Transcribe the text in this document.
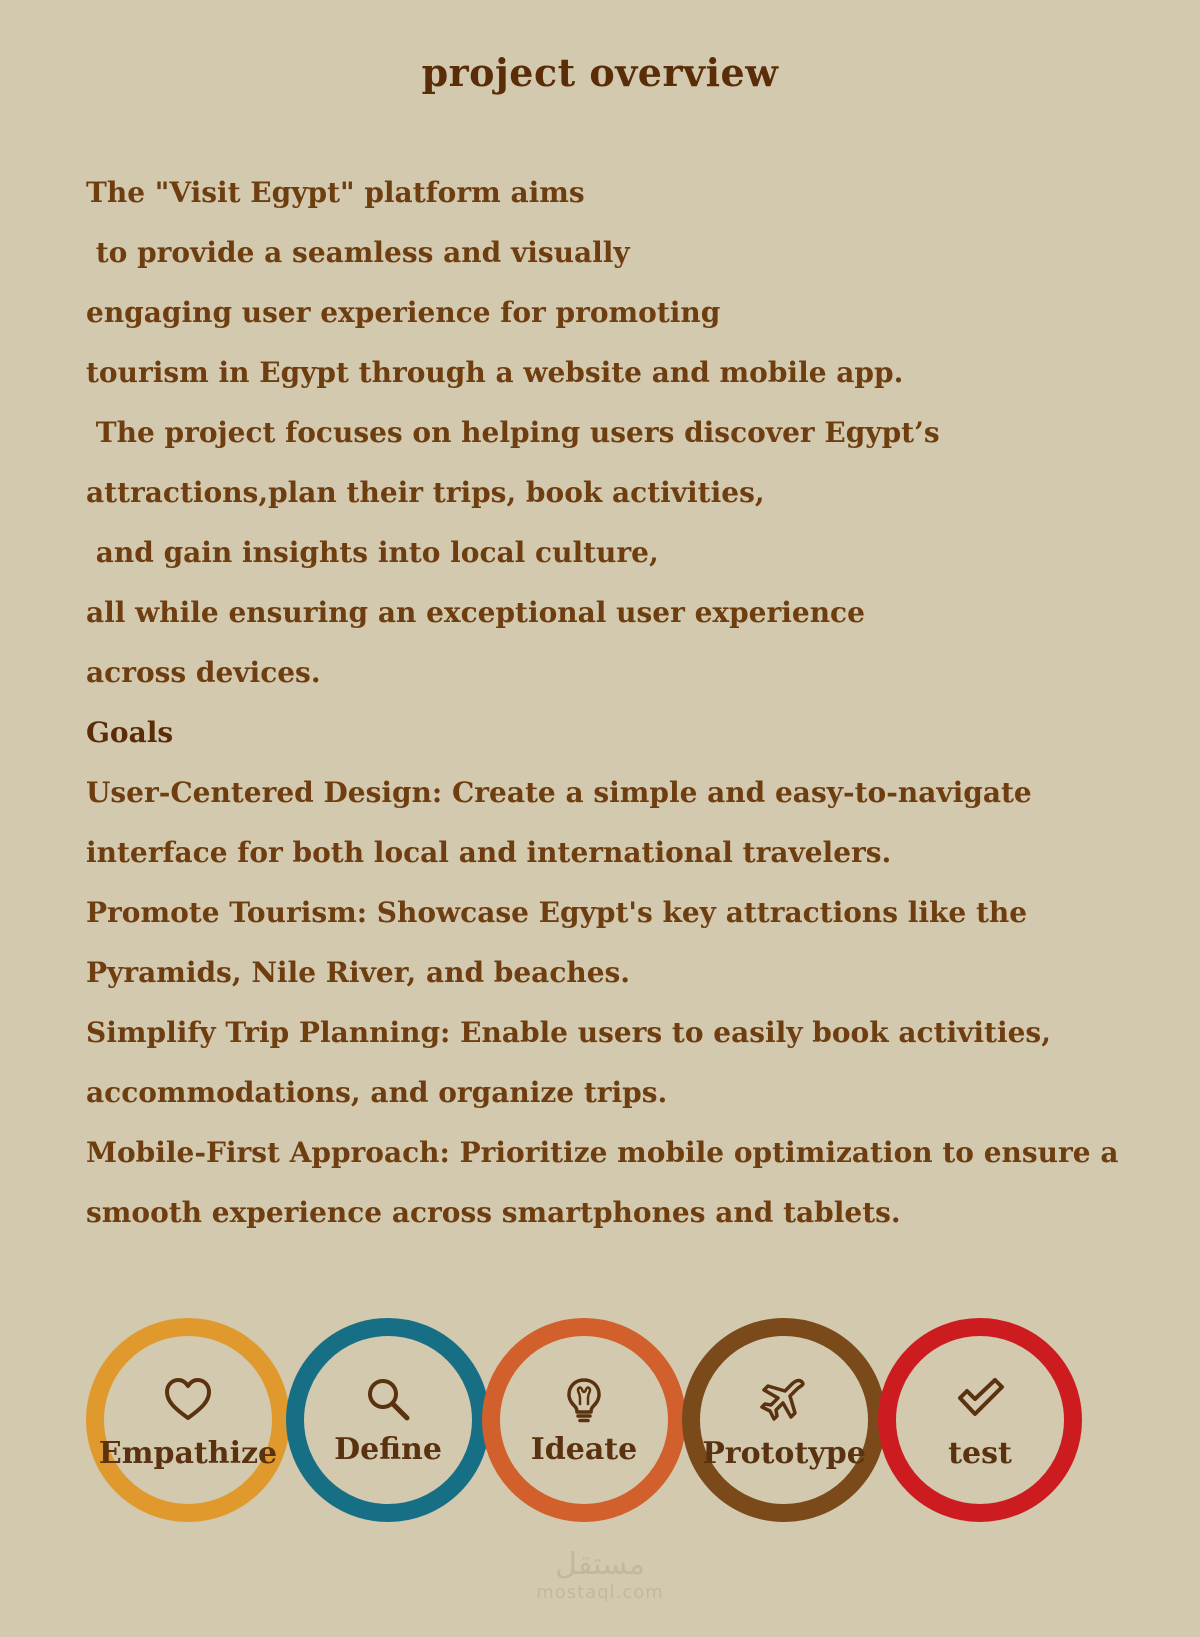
project overview
The "Visit Egypt" platform aims
to provide a seamless and visually
engaging user experience for promoting
tourism in Egypt through a website and mobile app.
The project focuses on helping users discover Egypt’s
attractions,plan their trips, book activities,
and gain insights into local culture,
all while ensuring an exceptional user experience
across devices.
Goals
User-Centered Design: Create a simple and easy-to-navigate
interface for both local and international travelers.
Promote Tourism: Showcase Egypt's key attractions like the
Pyramids, Nile River, and beaches.
Simplify Trip Planning: Enable users to easily book activities,
accommodations, and organize trips.
Mobile-First Approach: Prioritize mobile optimization to ensure a
smooth experience across smartphones and tablets.
Empathize	Define	Ideate	Prototype	test
مستقل
mostaql.com
